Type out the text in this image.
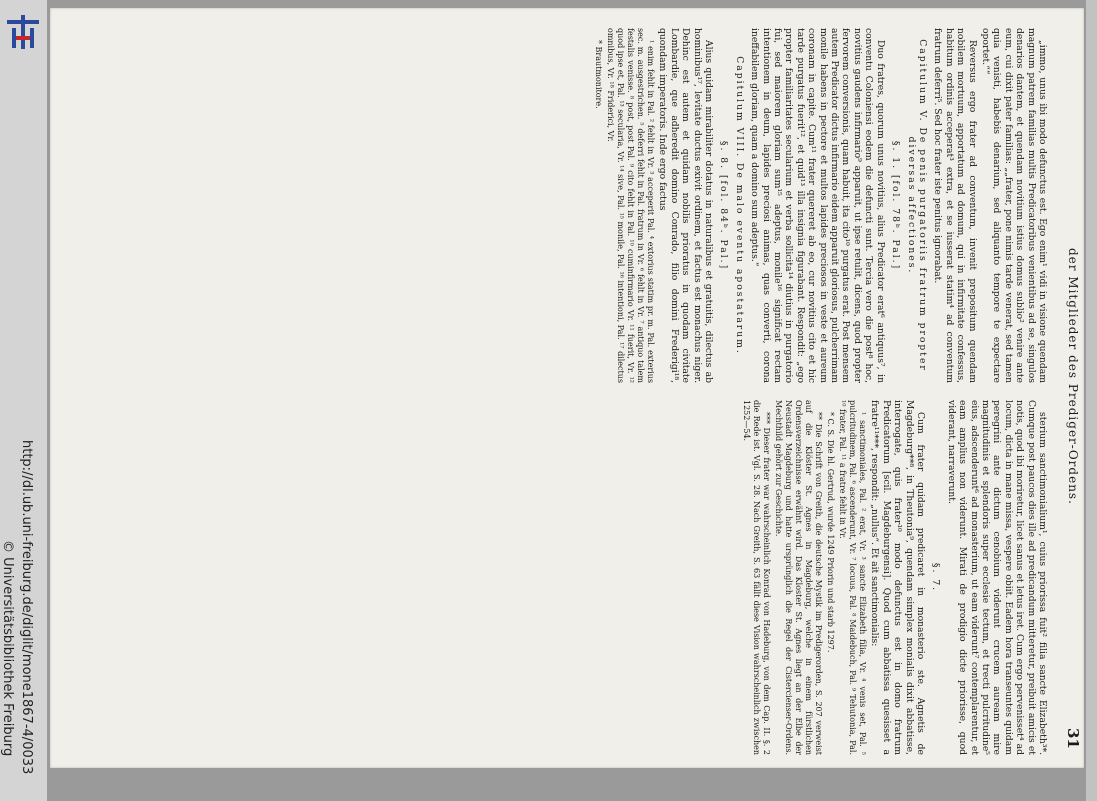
http://dl.ub.uni-freiburg.de/diglit/mone1867-4/0033
© Universitätsbibliothek Freiburg
der Mitglieder des Prediger-Ordens.
31

„immo, unus ibi modo defunctus est. Ego enim¹ vidi in visione quendam magnum patrem familias multis Predicatoribus venientibus ad se, singulos denarios dantem, et quendam novitium istius domus sublio² venire ante eum, cui dixit pater familias: „„frater, pone nimis tarde venerat, sed tamen quia venisti, habebis denarium, sed aliquanto tempore te expectare oportet.““

Reversus ergo frater ad conventum, invenit prepositum quendam nobilem mortuum, apportatum ad domum, qui in infirmitate confessus, habitum ordinis acceperat³ extra, et se iusserat statim⁴ ad conventum fratrum deferri⁵. Sed hoc frater iste penitus ignorabat.

Capitulum V. De penis purgatoriis fratrum propter diversas affectiones.

§. 1. [fol. 78ᵇ. Pal.]

Duo fratres, quorum unus novitius, alius Predicator erat⁶ antiquus⁷, in conventu Coloniensi eodem die defuncti sunt. Tercia vero die post⁸ hoc, novitius gaudens infirmario⁹ apparuit, ut ipse retulit, dicens, quod propter fervorem conversionis, quam habuit, ita cito¹⁰ purgatus erat. Post mensem autem Predicator dictus infirmario eidem apparuit gloriosus, pulcherrimam monile habens in pectore et multos lapides preciosos in veste et aureum coronam in capite. Cum¹¹ frater quereret ab eo, cur novitius cito et hic tarde purgatus fuerit¹², et quid¹³ illa insignia figurabant. Respondit: „ego propter familiaritates secularium et verba sollicita¹⁴ diutius in purgatorio fui, sed maiorem gloriam sum¹⁵ adeptus, monile¹⁶ significat rectam intentionem in deum, lapides preciosi animas, quas converti, corona ineffabilem gloriam, quam a domino sum adeptus.“

Capitulum VIII. De malo eventu apostatarum.

§. 8. [fol. 84ᵇ. Pal.]

Alius quidam mirabiliter dotatus in naturalibus et gratuitis, dilectus ab hominibus¹⁷, levitate ductus exivit ordinem, et factus est monachus niger. Dehinc est autem et quidam nobilis prioratus in quodam civitate Lombardie, que adheredit domino Conrado, filio domini Frederigi¹⁸, quondam imperatoris. Inde ergo factus

¹ enim fehlt in Pal. ² fehlt in Vr. ³ acceperit Pal. ⁴ extorius statim pr. m. Pal. exterius sec. m. ausgestrichen. ⁵ deferri fehlt in Pal. fratrum in Vr. ⁶ fehlt in Vr. ⁷ antiquo talem festalis venisse. ⁸ post, post Pal. ⁹ cito fehlt in Pal. ¹⁰ cuminfirmario Vr. ¹¹ fuerit, Vr. ¹² quod ipse et, Pal. ¹³ secularia, Vr. ¹⁴ sive, Pal. ¹⁵ monile, Pal. ¹⁶ intentioni, Pal. ¹⁷ dilectus omnibus, Vr. ¹⁸ Friderici, Vr.

* Brautmonitore.

sterium sanctimonialium¹, cuius priorissa fuit² filia sancte Elizabeth³*. Cumque post paucos dies ille ad predicandum mitteretur, preibuit amicis et notis, quod ibi moriretur, licet sanus et letus iret. Cum ergo pervenisset⁴ ad locum, dicta in mane missa, vespere obiit. Eadem hora transeuntes quidam peregrini ante dictum cenobium viderunt crucem auream mire magnitudinis et splendoris super ecclesie tectum, et trecti pulcritudine⁵ eius, adscenderunt⁶ ad monasterium, ut eam viderunt⁷ contemplarentur, et eam amplius non viderunt. Mirati de prodigio dicte priorisse, quod viderant, narraverunt.

§. 7.

Cum frater quidam predicaret in monasterio ste. Agnetis de Magdeburg**⁸, in Theutonia⁹, quendam simplex monialis dixit abbatisse, interrogate, quis frater¹⁰ modo defunctus est in domo fratrum Predicatorum [scil. Magdeburgensi]. Quod cum abbatissa quesisset a fratre¹¹***, respondit: „nullus“. Et ait sanctimonialis:

¹ sanctimoniales, Pal. ² erat, Vr. ³ sancte Elizabeth filia, Vr. ⁴ venis set, Pal. ⁵ pulcritudinem, Pal. ⁶ ascenderunt, Vr. ⁷ locuus, Pal. ⁸ Maidebuch, Pal. ⁹ Tehutonia, Pal. ¹⁰ frater, Pal. ¹¹ a fratre fehlt in Vr.

* C. S. Die hl. Gertrud, wurde 1249 Priorin und starb 1297.

** Die Schrift von Greith, die deutsche Mystik im Predigerorden, S. 207 verweist auf die Klöster St. Agnes in Magdeburg, welche in einem fürstlichen Ordensverzeichnisse erwähnt wird. Das Kloster St. Agnes liegt an der Elbe der Neustadt Magdeburg und hatte ursprünglich die Regel der Cistercienser-Ordens. Mechthild gehört zur Geschichte.

*** Dieser frater war wahrscheinlich Konrad von Hadeburg, von dem Cap. II. §. 2 die Rede ist. Vgl. S. 28. Nach Greith, S. 63 fällt diese Vision wahrscheinlich zwischen 1252—54.
